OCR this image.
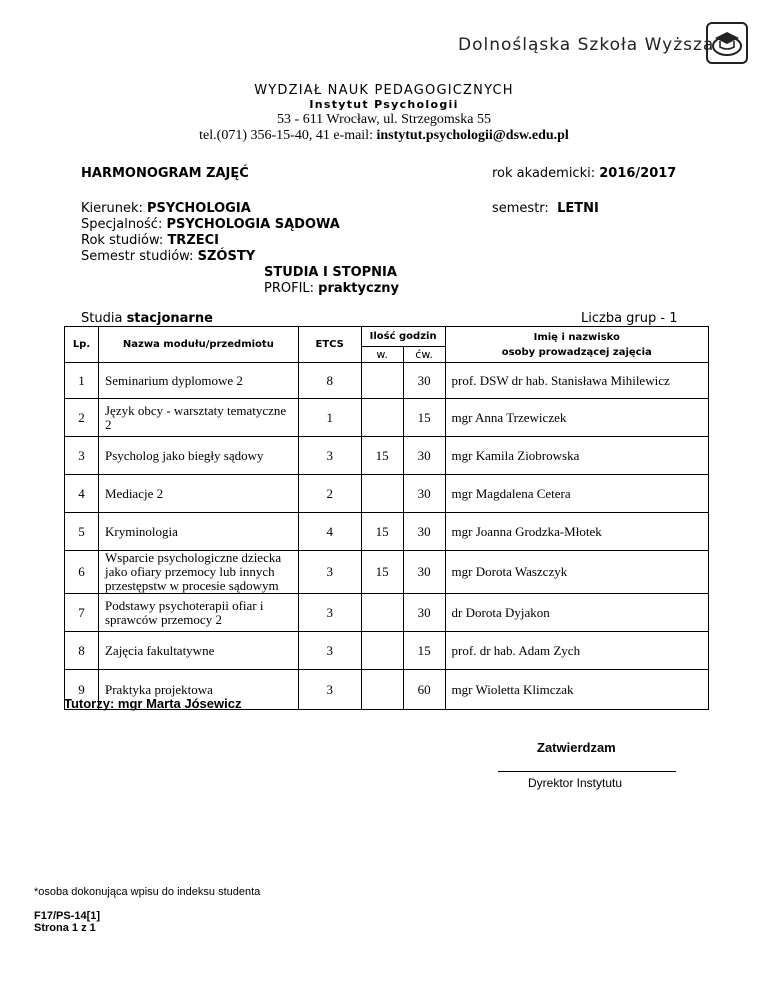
Dolnośląska Szkoła Wyższa
WYDZIAŁ NAUK PEDAGOGICZNYCH
Instytut Psychologii
53 - 611 Wrocław, ul. Strzegomska 55
tel.(071) 356-15-40, 41 e-mail: instytut.psychologii@dsw.edu.pl
HARMONOGRAM ZAJĘĆ	rok akademicki: 2016/2017
Kierunek: PSYCHOLOGIA	semestr:  LETNI
Specjalność: PSYCHOLOGIA SĄDOWA
Rok studiów: TRZECI
Semestr studiów: SZÓSTY
STUDIA I STOPNIA
PROFIL: praktyczny
Studia stacjonarne	Liczba grup - 1
Lp.	Nazwa modułu/przedmiotu	ETCS	Ilość godzin		Imię i nazwisko
osoby prowadzącej zajęcia

			w.	ćw.	
1	Seminarium dyplomowe 2	8		30	prof. DSW dr hab. Stanisława Mihilewicz
2	Język obcy - warsztaty tematyczne 2	1		15	mgr Anna Trzewiczek
3	Psycholog jako biegły sądowy	3	15	30	mgr Kamila Ziobrowska
4	Mediacje 2	2		30	mgr Magdalena Cetera
5	Kryminologia	4	15	30	mgr Joanna Grodzka-Młotek
6	Wsparcie psychologiczne dziecka jako ofiary przemocy lub innych przestępstw w procesie sądowym	3	15	30	mgr Dorota Waszczyk
7	Podstawy psychoterapii ofiar i sprawców przemocy 2	3		30	dr Dorota Dyjakon
8	Zajęcia fakultatywne	3		15	prof. dr hab. Adam Zych
9	Praktyka projektowa	3		60	mgr Wioletta Klimczak
Tutorzy: mgr Marta Jósewicz
Zatwierdzam
Dyrektor Instytutu
*osoba dokonująca wpisu do indeksu studenta
F17/PS-14[1]
Strona 1 z 1
